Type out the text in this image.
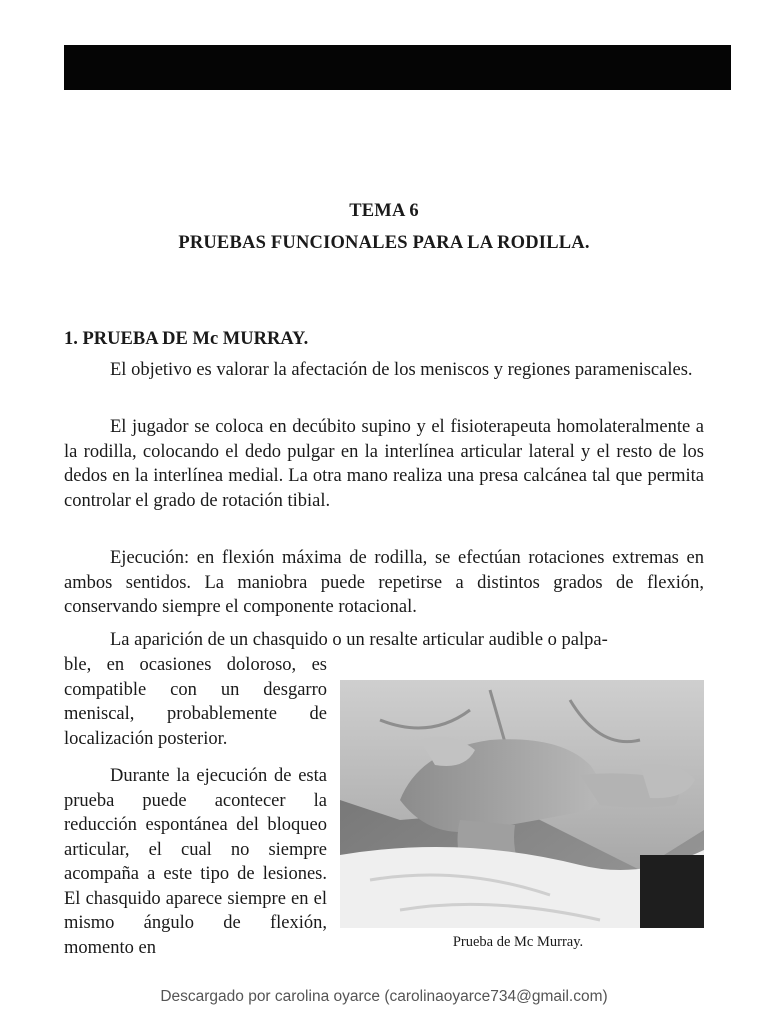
TEMA 6
PRUEBAS FUNCIONALES PARA LA RODILLA.
1. PRUEBA DE Mc MURRAY.

El objetivo es valorar la afectación de los meniscos y regiones parameniscales.

El jugador se coloca en decúbito supino y el fisioterapeuta homolateralmente a la rodilla, colocando el dedo pulgar en la interlínea articular lateral y el resto de los dedos en la interlínea medial. La otra mano realiza una presa calcánea tal que permita controlar el grado de rotación tibial.

Ejecución: en flexión máxima de rodilla, se efectúan rotaciones extremas en ambos sentidos. La maniobra puede repetirse a distintos grados de flexión, conservando siempre el componente rotacional.

La aparición de un chasquido o un resalte articular audible o palpa-

ble, en ocasiones doloroso, es compatible con un desgarro meniscal, probablemente de localización posterior.

Durante la ejecución de esta prueba puede acontecer la reducción espontánea del bloqueo articular, el cual no siempre acompaña a este tipo de lesiones. El chasquido aparece siempre en el mismo ángulo de flexión, momento en	Prueba de Mc Murray.
Descargado por carolina oyarce (carolinaoyarce734@gmail.com)
